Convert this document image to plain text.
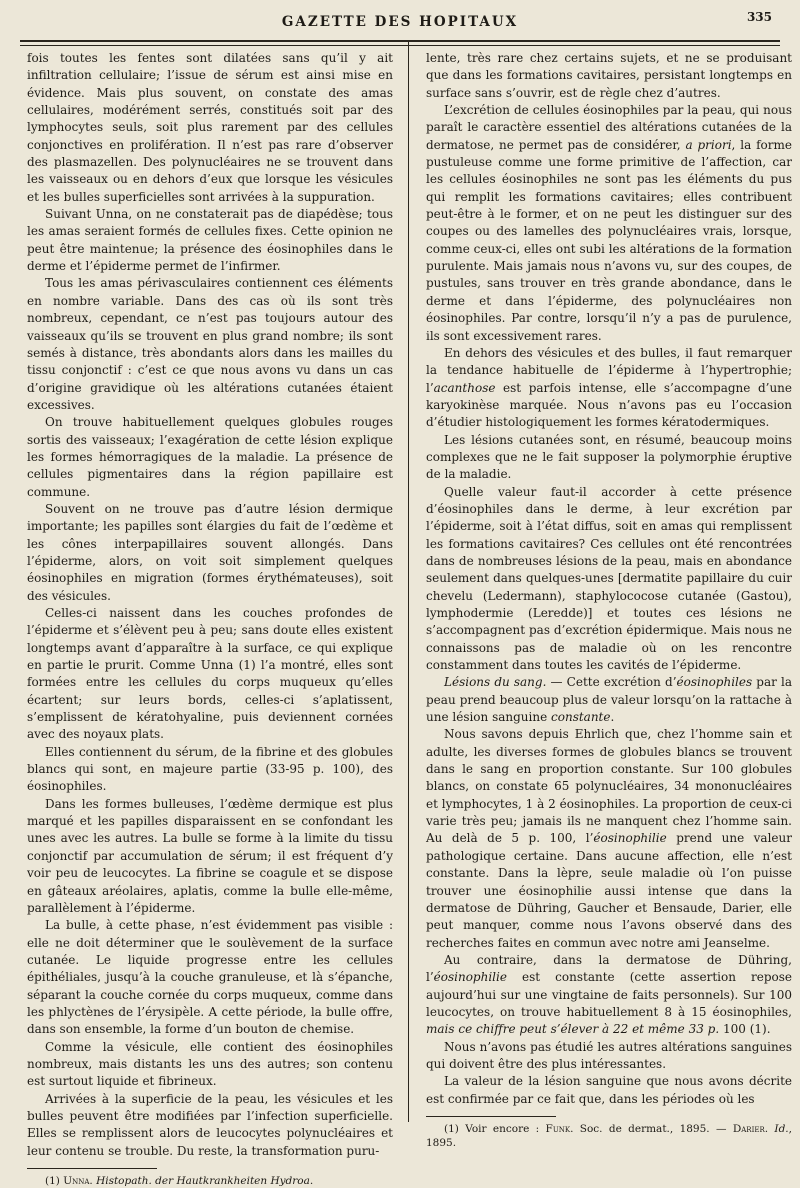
GAZETTE DES HOPITAUX	335

fois toutes les fentes sont dilatées sans qu’il y ait infiltration cellulaire; l’issue de sérum est ainsi mise en évidence. Mais plus souvent, on constate des amas cellulaires, modérément serrés, constitués soit par des lymphocytes seuls, soit plus rarement par des cellules conjonctives en prolifération. Il n’est pas rare d’observer des plasmazellen. Des polynucléaires ne se trouvent dans les vaisseaux ou en dehors d’eux que lorsque les vésicules et les bulles superficielles sont arrivées à la suppuration.

Suivant Unna, on ne constaterait pas de diapédèse; tous les amas seraient formés de cellules fixes. Cette opinion ne peut être maintenue; la présence des éosinophiles dans le derme et l’épiderme permet de l’infirmer.

Tous les amas périvasculaires contiennent ces éléments en nombre variable. Dans des cas où ils sont très nombreux, cependant, ce n’est pas toujours autour des vaisseaux qu’ils se trouvent en plus grand nombre; ils sont semés à distance, très abondants alors dans les mailles du tissu conjonctif : c’est ce que nous avons vu dans un cas d’origine gravidique où les altérations cutanées étaient excessives.

On trouve habituellement quelques globules rouges sortis des vaisseaux; l’exagération de cette lésion explique les formes hémorragiques de la maladie. La présence de cellules pigmentaires dans la région papillaire est commune.

Souvent on ne trouve pas d’autre lésion dermique importante; les papilles sont élargies du fait de l’œdème et les cônes interpapillaires souvent allongés. Dans l’épiderme, alors, on voit soit simplement quelques éosinophiles en migration (formes érythémateuses), soit des vésicules.

Celles-ci naissent dans les couches profondes de l’épiderme et s’élèvent peu à peu; sans doute elles existent longtemps avant d’apparaître à la surface, ce qui explique en partie le prurit. Comme Unna (1) l’a montré, elles sont formées entre les cellules du corps muqueux qu’elles écartent; sur leurs bords, celles-ci s’aplatissent, s’emplissent de kératohyaline, puis deviennent cornées avec des noyaux plats.

Elles contiennent du sérum, de la fibrine et des globules blancs qui sont, en majeure partie (33-95 p. 100), des éosinophiles.

Dans les formes bulleuses, l’œdème dermique est plus marqué et les papilles disparaissent en se confondant les unes avec les autres. La bulle se forme à la limite du tissu conjonctif par accumulation de sérum; il est fréquent d’y voir peu de leucocytes. La fibrine se coagule et se dispose en gâteaux aréolaires, aplatis, comme la bulle elle-même, parallèlement à l’épiderme.

La bulle, à cette phase, n’est évidemment pas visible : elle ne doit déterminer que le soulèvement de la surface cutanée. Le liquide progresse entre les cellules épithéliales, jusqu’à la couche granuleuse, et là s’épanche, séparant la couche cornée du corps muqueux, comme dans les phlyctènes de l’érysipèle. A cette période, la bulle offre, dans son ensemble, la forme d’un bouton de chemise.

Comme la vésicule, elle contient des éosinophiles nombreux, mais distants les uns des autres; son contenu est surtout liquide et fibrineux.

Arrivées à la superficie de la peau, les vésicules et les bulles peuvent être modifiées par l’infection superficielle. Elles se remplissent alors de leucocytes polynucléaires et leur contenu se trouble. Du reste, la transformation puru-

(1) Unna. Histopath. der Hautkrankheiten Hydroa.

lente, très rare chez certains sujets, et ne se produisant que dans les formations cavitaires, persistant longtemps en surface sans s’ouvrir, est de règle chez d’autres.

L’excrétion de cellules éosinophiles par la peau, qui nous paraît le caractère essentiel des altérations cutanées de la dermatose, ne permet pas de considérer, a priori, la forme pustuleuse comme une forme primitive de l’affection, car les cellules éosinophiles ne sont pas les éléments du pus qui remplit les formations cavitaires; elles contribuent peut-être à le former, et on ne peut les distinguer sur des coupes ou des lamelles des polynucléaires vrais, lorsque, comme ceux-ci, elles ont subi les altérations de la formation purulente. Mais jamais nous n’avons vu, sur des coupes, de pustules, sans trouver en très grande abondance, dans le derme et dans l’épiderme, des polynucléaires non éosinophiles. Par contre, lorsqu’il n’y a pas de purulence, ils sont excessivement rares.

En dehors des vésicules et des bulles, il faut remarquer la tendance habituelle de l’épiderme à l’hypertrophie; l’acanthose est parfois intense, elle s’accompagne d’une karyokinèse marquée. Nous n’avons pas eu l’occasion d’étudier histologiquement les formes kératodermiques.

Les lésions cutanées sont, en résumé, beaucoup moins complexes que ne le fait supposer la polymorphie éruptive de la maladie.

Quelle valeur faut-il accorder à cette présence d’éosinophiles dans le derme, à leur excrétion par l’épiderme, soit à l’état diffus, soit en amas qui remplissent les formations cavitaires? Ces cellules ont été rencontrées dans de nombreuses lésions de la peau, mais en abondance seulement dans quelques-unes [dermatite papillaire du cuir chevelu (Ledermann), staphylococose cutanée (Gastou), lymphodermie (Leredde)] et toutes ces lésions ne s’accompagnent pas d’excrétion épidermique. Mais nous ne connaissons pas de maladie où on les rencontre constamment dans toutes les cavités de l’épiderme.

Lésions du sang. — Cette excrétion d’éosinophiles par la peau prend beaucoup plus de valeur lorsqu’on la rattache à une lésion sanguine constante.

Nous savons depuis Ehrlich que, chez l’homme sain et adulte, les diverses formes de globules blancs se trouvent dans le sang en proportion constante. Sur 100 globules blancs, on constate 65 polynucléaires, 34 mononucléaires et lymphocytes, 1 à 2 éosinophiles. La proportion de ceux-ci varie très peu; jamais ils ne manquent chez l’homme sain. Au delà de 5 p. 100, l’éosinophilie prend une valeur pathologique certaine. Dans aucune affection, elle n’est constante. Dans la lèpre, seule maladie où l’on puisse trouver une éosinophilie aussi intense que dans la dermatose de Dühring, Gaucher et Bensaude, Darier, elle peut manquer, comme nous l’avons observé dans des recherches faites en commun avec notre ami Jeanselme.

Au contraire, dans la dermatose de Dühring, l’éosinophilie est constante (cette assertion repose aujourd’hui sur une vingtaine de faits personnels). Sur 100 leucocytes, on trouve habituellement 8 à 15 éosinophiles, mais ce chiffre peut s’élever à 22 et même 33 p. 100 (1).

Nous n’avons pas étudié les autres altérations sanguines qui doivent être des plus intéressantes.

La valeur de la lésion sanguine que nous avons décrite est confirmée par ce fait que, dans les périodes où les

(1) Voir encore : Funk. Soc. de dermat., 1895. — Darier. Id., 1895.
